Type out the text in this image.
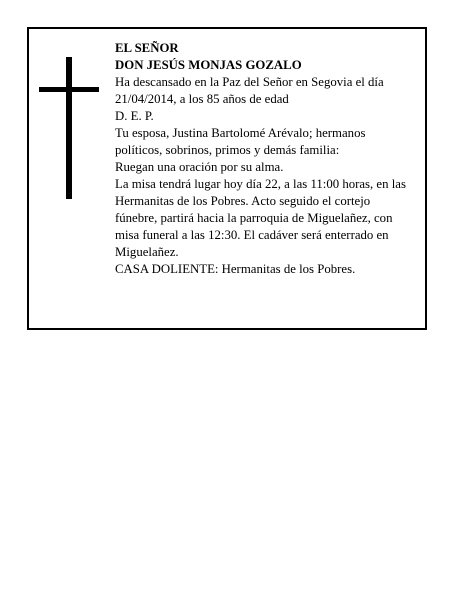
EL SEÑOR

DON JESÚS MONJAS GOZALO

Ha descansado en la Paz del Señor en Segovia el día 21/04/2014, a los 85 años de edad

D. E. P.

Tu esposa, Justina Bartolomé Arévalo; hermanos políticos, sobrinos, primos y demás familia:

Ruegan una oración por su alma.

La misa tendrá lugar hoy día 22, a las 11:00 horas, en las Hermanitas de los Pobres. Acto seguido el cortejo fúnebre, partirá hacia la parroquia de Miguelañez, con misa funeral a las 12:30. El cadáver será enterrado en Miguelañez.

CASA DOLIENTE: Hermanitas de los Pobres.
